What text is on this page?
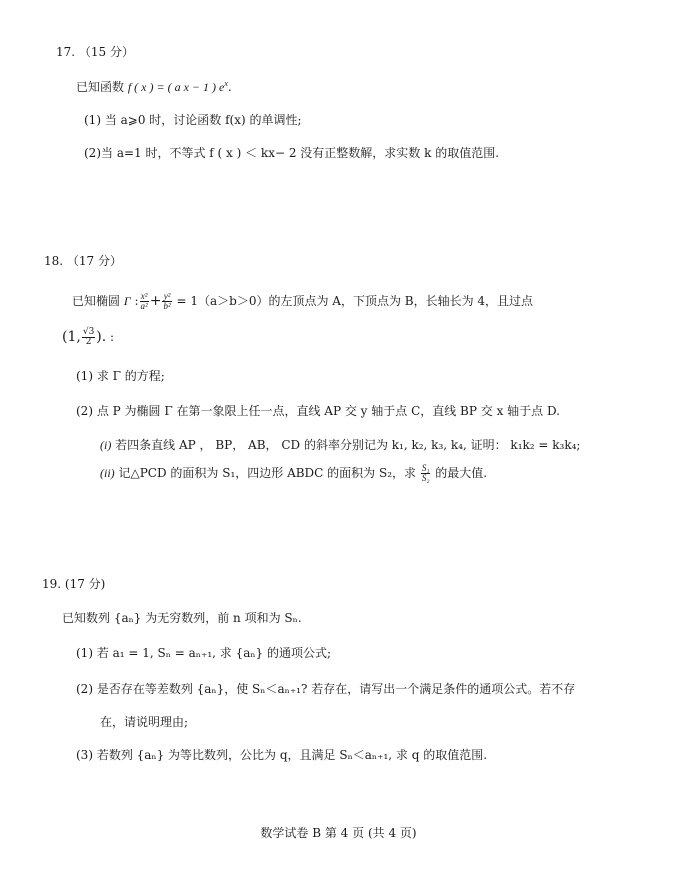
17. （15 分）
已知函数 f ( x ) = ( a x − 1 ) $e^x$.
(1) 当 a⩾0 时，讨论函数 f(x) 的单调性;
(2)当 a=1 时，不等式 f ( x ) ＜ kx− 2 没有正整数解，求实数 k 的取值范围.
18. （17 分）
已知椭圆 Γ : $\frac{\text{x²}}{\text{a²}} + \frac{\text{y²}}{\text{b²}} = 1(a>b>0)$的左顶点为 A，下顶点为 B，长轴长为 4，且过点
(1, $\frac{√3}{2}$ ). :
(1) 求 Γ 的方程;
(2) 点 P 为椭圆 Γ 在第一象限上任一点，直线 AP 交 y 轴于点 C，直线 BP 交 x 轴于点 D.
(i) 若四条直线 AP ， BP， AB， CD 的斜率分别记为 k₁, k₂, k₃, k₄, 证明： k₁k₂ = k₃k₄;
(ii) 记△PCD 的面积为 S₁，四边形 ABDC 的面积为 S₂，求 $\frac{\text{S₁}}{\text{S₂}}$ 的最大值.
19. (17 分)
已知数列 {aₙ} 为无穷数列，前 n 项和为 Sₙ.
(1) 若 a₁ = 1, Sₙ = aₙ₊₁, 求 {aₙ} 的通项公式;
(2) 是否存在等差数列 {aₙ}，使 Sₙ＜aₙ₊₁? 若存在，请写出一个满足条件的通项公式。若不存
在，请说明理由;
(3) 若数列 {aₙ} 为等比数列，公比为 q，且满足 Sₙ＜aₙ₊₁, 求 q 的取值范围.
数学试卷 B 第 4 页 (共 4 页)
